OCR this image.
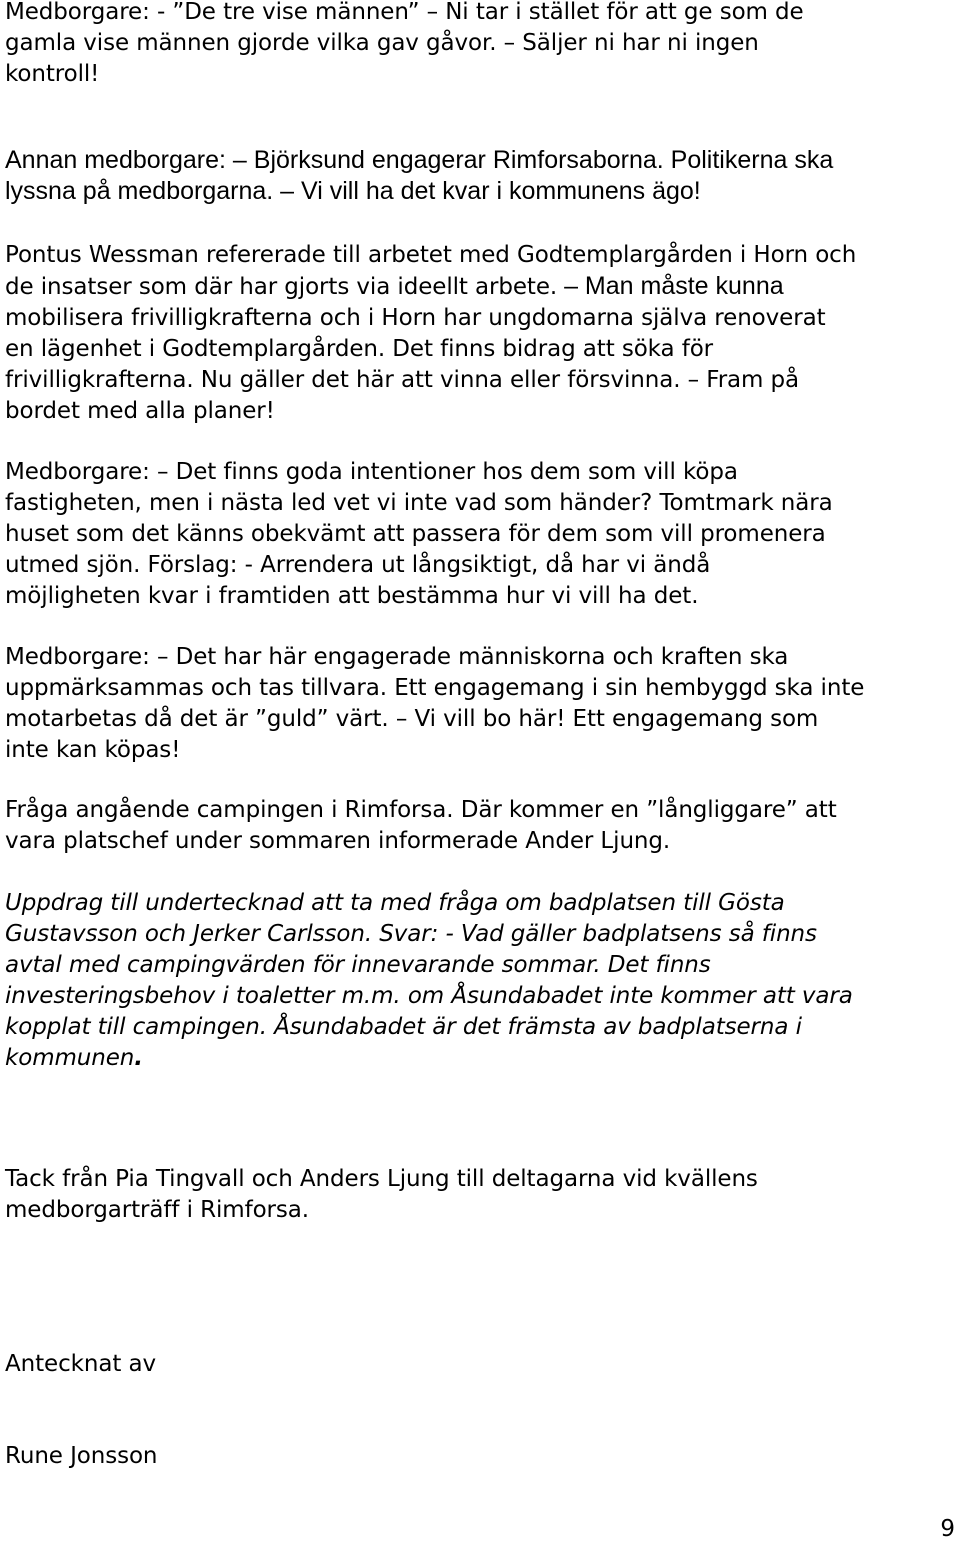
Medborgare: - ”De tre vise männen” – Ni tar i stället för att ge som de
gamla vise männen gjorde vilka gav gåvor. – Säljer ni har ni ingen
kontroll!

Annan medborgare: – Björksund engagerar Rimforsaborna. Politikerna ska
lyssna på medborgarna. – Vi vill ha det kvar i kommunens ägo!

Pontus Wessman refererade till arbetet med Godtemplargården i Horn och
de insatser som där har gjorts via ideellt arbete. – Man måste kunna
mobilisera frivilligkrafterna och i Horn har ungdomarna själva renoverat
en lägenhet i Godtemplargården. Det finns bidrag att söka för
frivilligkrafterna. Nu gäller det här att vinna eller försvinna. – Fram på
bordet med alla planer!

Medborgare: – Det finns goda intentioner hos dem som vill köpa
fastigheten, men i nästa led vet vi inte vad som händer? Tomtmark nära
huset som det känns obekvämt att passera för dem som vill promenera
utmed sjön. Förslag: - Arrendera ut långsiktigt, då har vi ändå
möjligheten kvar i framtiden att bestämma hur vi vill ha det.

Medborgare: – Det har här engagerade människorna och kraften ska
uppmärksammas och tas tillvara. Ett engagemang i sin hembyggd ska inte
motarbetas då det är ”guld” värt. – Vi vill bo här! Ett engagemang som
inte kan köpas!

Fråga angående campingen i Rimforsa. Där kommer en ”långliggare” att
vara platschef under sommaren informerade Ander Ljung.

Uppdrag till undertecknad att ta med fråga om badplatsen till Gösta
Gustavsson och Jerker Carlsson. Svar: - Vad gäller badplatsens så finns
avtal med campingvärden för innevarande sommar. Det finns
investeringsbehov i toaletter m.m. om Åsundabadet inte kommer att vara
kopplat till campingen. Åsundabadet är det främsta av badplatserna i
kommunen.

Tack från Pia Tingvall och Anders Ljung till deltagarna vid kvällens
medborgarträff i Rimforsa.

Antecknat av

Rune Jonsson

9
